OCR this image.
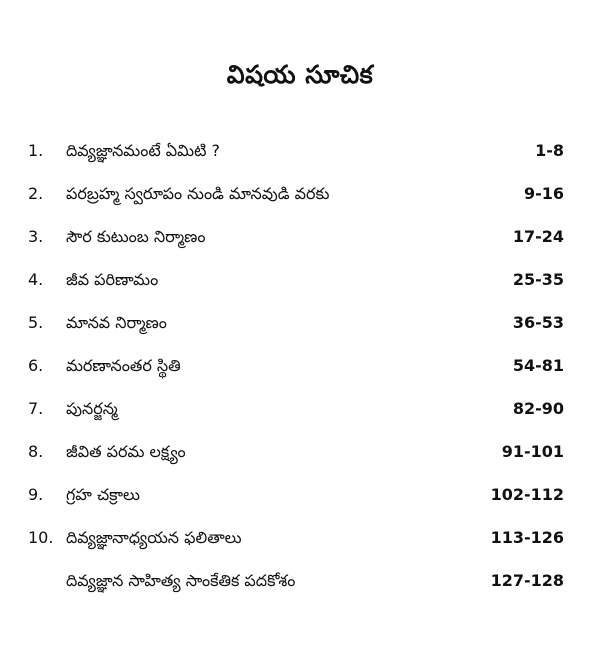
విషయ సూచిక
1. దివ్యజ్ఞానమంటే ఏమిటి ?	1-8
2. పరబ్రహ్మ స్వరూపం నుండి మానవుడి వరకు	9-16
3. సౌర కుటుంబ నిర్మాణం	17-24
4. జీవ పరిణామం	25-35
5. మానవ నిర్మాణం	36-53
6. మరణానంతర స్థితి	54-81
7. పునర్జన్మ	82-90
8. జీవిత పరమ లక్ష్యం	91-101
9. గ్రహ చక్రాలు	102-112
10. దివ్యజ్ఞానాధ్యయన ఫలితాలు	113-126
దివ్యజ్ఞాన సాహిత్య సాంకేతిక పదకోశం	127-128
